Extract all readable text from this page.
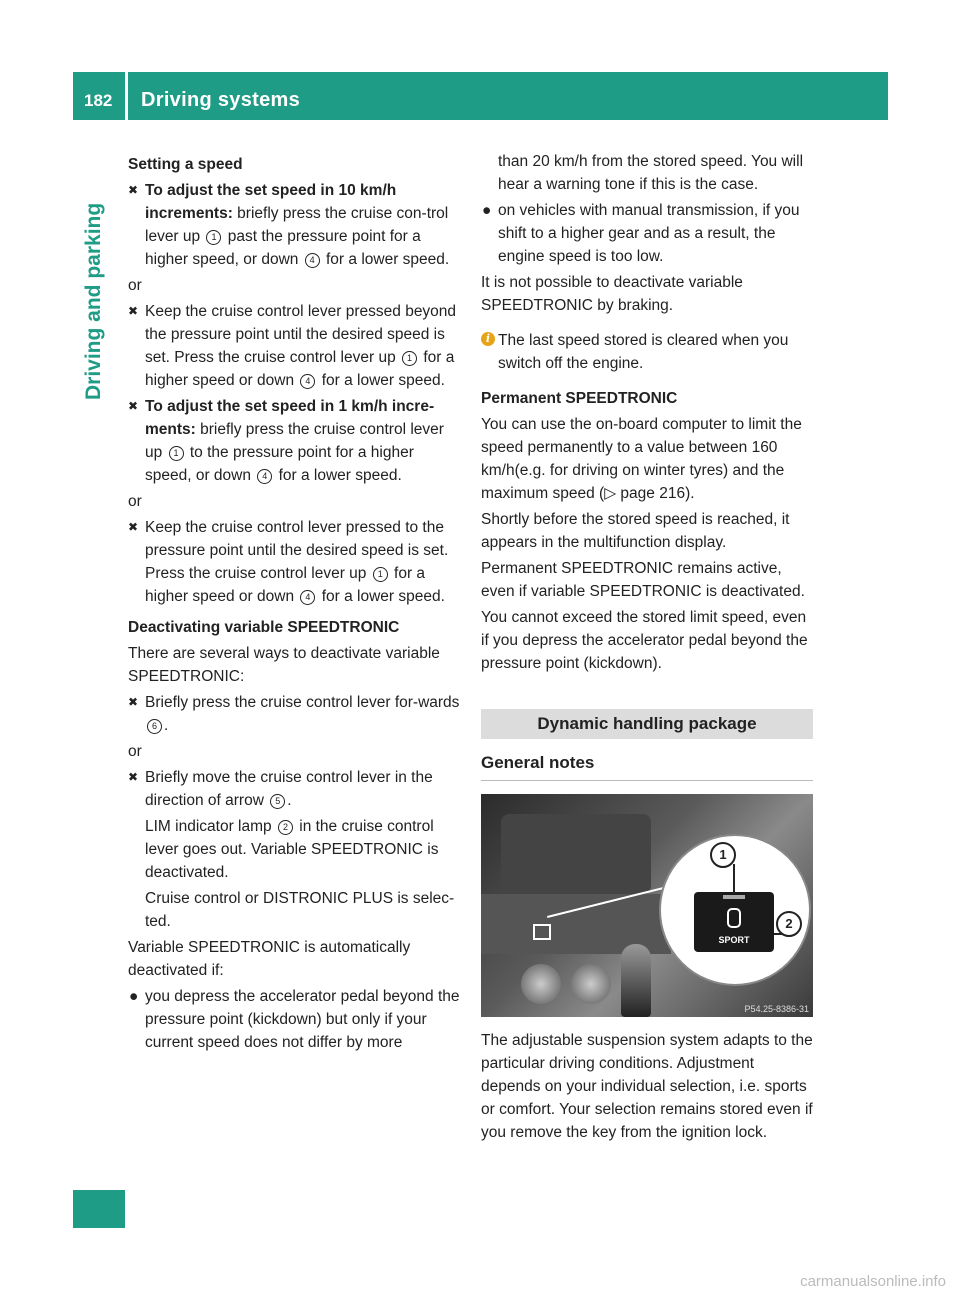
182 Driving systems
Driving and parking

Setting a speed

✖ To adjust the set speed in 10 km/h increments: briefly press the cruise con-trol lever up 1 past the pressure point for a higher speed, or down 4 for a lower speed.

or

✖ Keep the cruise control lever pressed beyond the pressure point until the desired speed is set. Press the cruise control lever up 1 for a higher speed or down 4 for a lower speed.

✖ To adjust the set speed in 1 km/h incre-ments: briefly press the cruise control lever up 1 to the pressure point for a higher speed, or down 4 for a lower speed.

or

✖ Keep the cruise control lever pressed to the pressure point until the desired speed is set. Press the cruise control lever up 1 for a higher speed or down 4 for a lower speed.

Deactivating variable SPEEDTRONIC

There are several ways to deactivate variable SPEEDTRONIC:

✖ Briefly press the cruise control lever for-wards 6 .

or

✖ Briefly move the cruise control lever in the direction of arrow 5 .

LIM indicator lamp 2 in the cruise control lever goes out. Variable SPEEDTRONIC is deactivated.

Cruise control or DISTRONIC PLUS is selec-ted.

Variable SPEEDTRONIC is automatically deactivated if:

● you depress the accelerator pedal beyond the pressure point (kickdown) but only if your current speed does not differ by more

than 20 km/h from the stored speed. You will hear a warning tone if this is the case.

● on vehicles with manual transmission, if you shift to a higher gear and as a result, the engine speed is too low.

It is not possible to deactivate variable SPEEDTRONIC by braking.

i The last speed stored is cleared when you switch off the engine.

Permanent SPEEDTRONIC

You can use the on-board computer to limit the speed permanently to a value between 160 km/h(e.g. for driving on winter tyres) and the maximum speed (▷ page 216).

Shortly before the stored speed is reached, it appears in the multifunction display.

Permanent SPEEDTRONIC remains active, even if variable SPEEDTRONIC is deactivated.

You cannot exceed the stored limit speed, even if you depress the accelerator pedal beyond the pressure point (kickdown).

Dynamic handling package
General notes
SPORT
1
2
P54.25-8386-31

The adjustable suspension system adapts to the particular driving conditions. Adjustment depends on your individual selection, i.e. sports or comfort. Your selection remains stored even if you remove the key from the ignition lock.

carmanualsonline.info
